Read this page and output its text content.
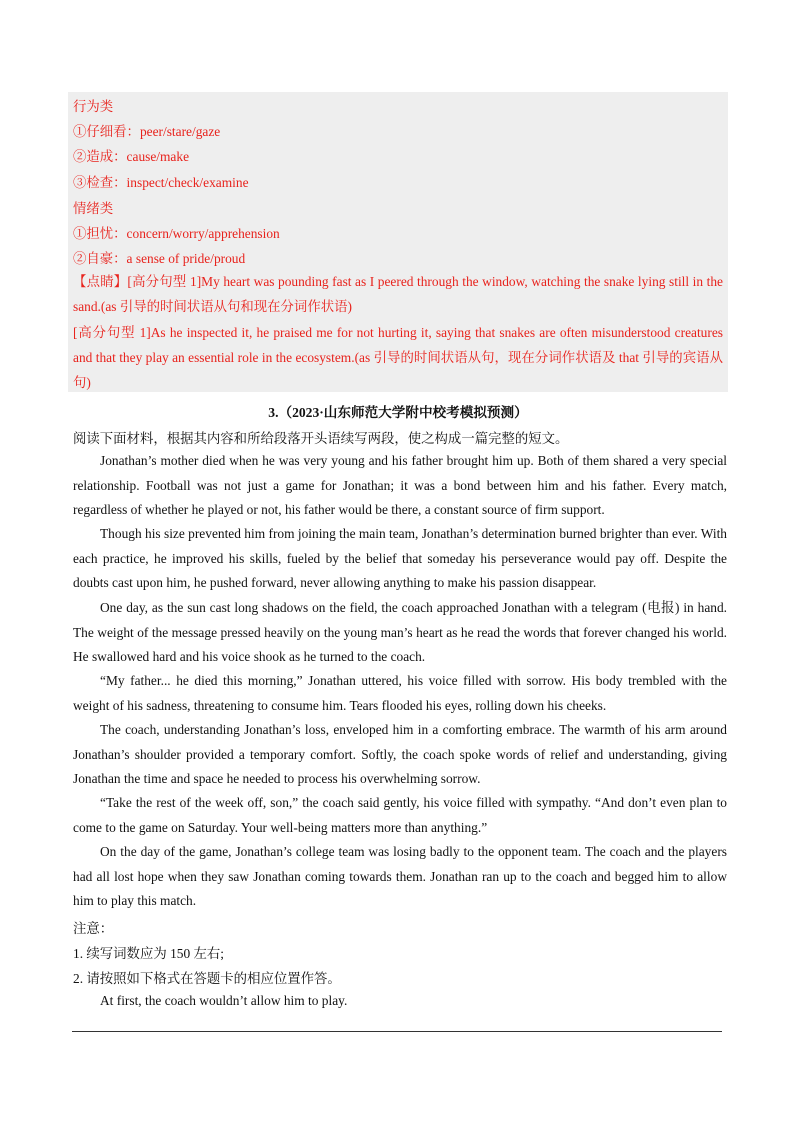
行为类
①仔细看：peer/stare/gaze
②造成：cause/make
③检查：inspect/check/examine
情绪类
①担忧：concern/worry/apprehension
②自豪：a sense of pride/proud
【点睛】[高分句型 1]My heart was pounding fast as I peered through the window, watching the snake lying still in the sand.(as 引导的时间状语从句和现在分词作状语)
[高分句型 1]As he inspected it, he praised me for not hurting it, saying that snakes are often misunderstood creatures and that they play an essential role in the ecosystem.(as 引导的时间状语从句，现在分词作状语及 that 引导的宾语从句)
3.（2023·山东师范大学附中校考模拟预测）
阅读下面材料，根据其内容和所给段落开头语续写两段，使之构成一篇完整的短文。
Jonathan’s mother died when he was very young and his father brought him up. Both of them shared a very special relationship. Football was not just a game for Jonathan; it was a bond between him and his father. Every match, regardless of whether he played or not, his father would be there, a constant source of firm support.
Though his size prevented him from joining the main team, Jonathan’s determination burned brighter than ever. With each practice, he improved his skills, fueled by the belief that someday his perseverance would pay off. Despite the doubts cast upon him, he pushed forward, never allowing anything to make his passion disappear.
One day, as the sun cast long shadows on the field, the coach approached Jonathan with a telegram (电报) in hand. The weight of the message pressed heavily on the young man’s heart as he read the words that forever changed his world. He swallowed hard and his voice shook as he turned to the coach.
“My father... he died this morning,” Jonathan uttered, his voice filled with sorrow. His body trembled with the weight of his sadness, threatening to consume him. Tears flooded his eyes, rolling down his cheeks.
The coach, understanding Jonathan’s loss, enveloped him in a comforting embrace. The warmth of his arm around Jonathan’s shoulder provided a temporary comfort. Softly, the coach spoke words of relief and understanding, giving Jonathan the time and space he needed to process his overwhelming sorrow.
“Take the rest of the week off, son,” the coach said gently, his voice filled with sympathy. “And don’t even plan to come to the game on Saturday. Your well-being matters more than anything.”
On the day of the game, Jonathan’s college team was losing badly to the opponent team. The coach and the players had all lost hope when they saw Jonathan coming towards them. Jonathan ran up to the coach and begged him to allow him to play this match.
注意：
1. 续写词数应为 150 左右;
2. 请按照如下格式在答题卡的相应位置作答。
At first, the coach wouldn’t allow him to play.
